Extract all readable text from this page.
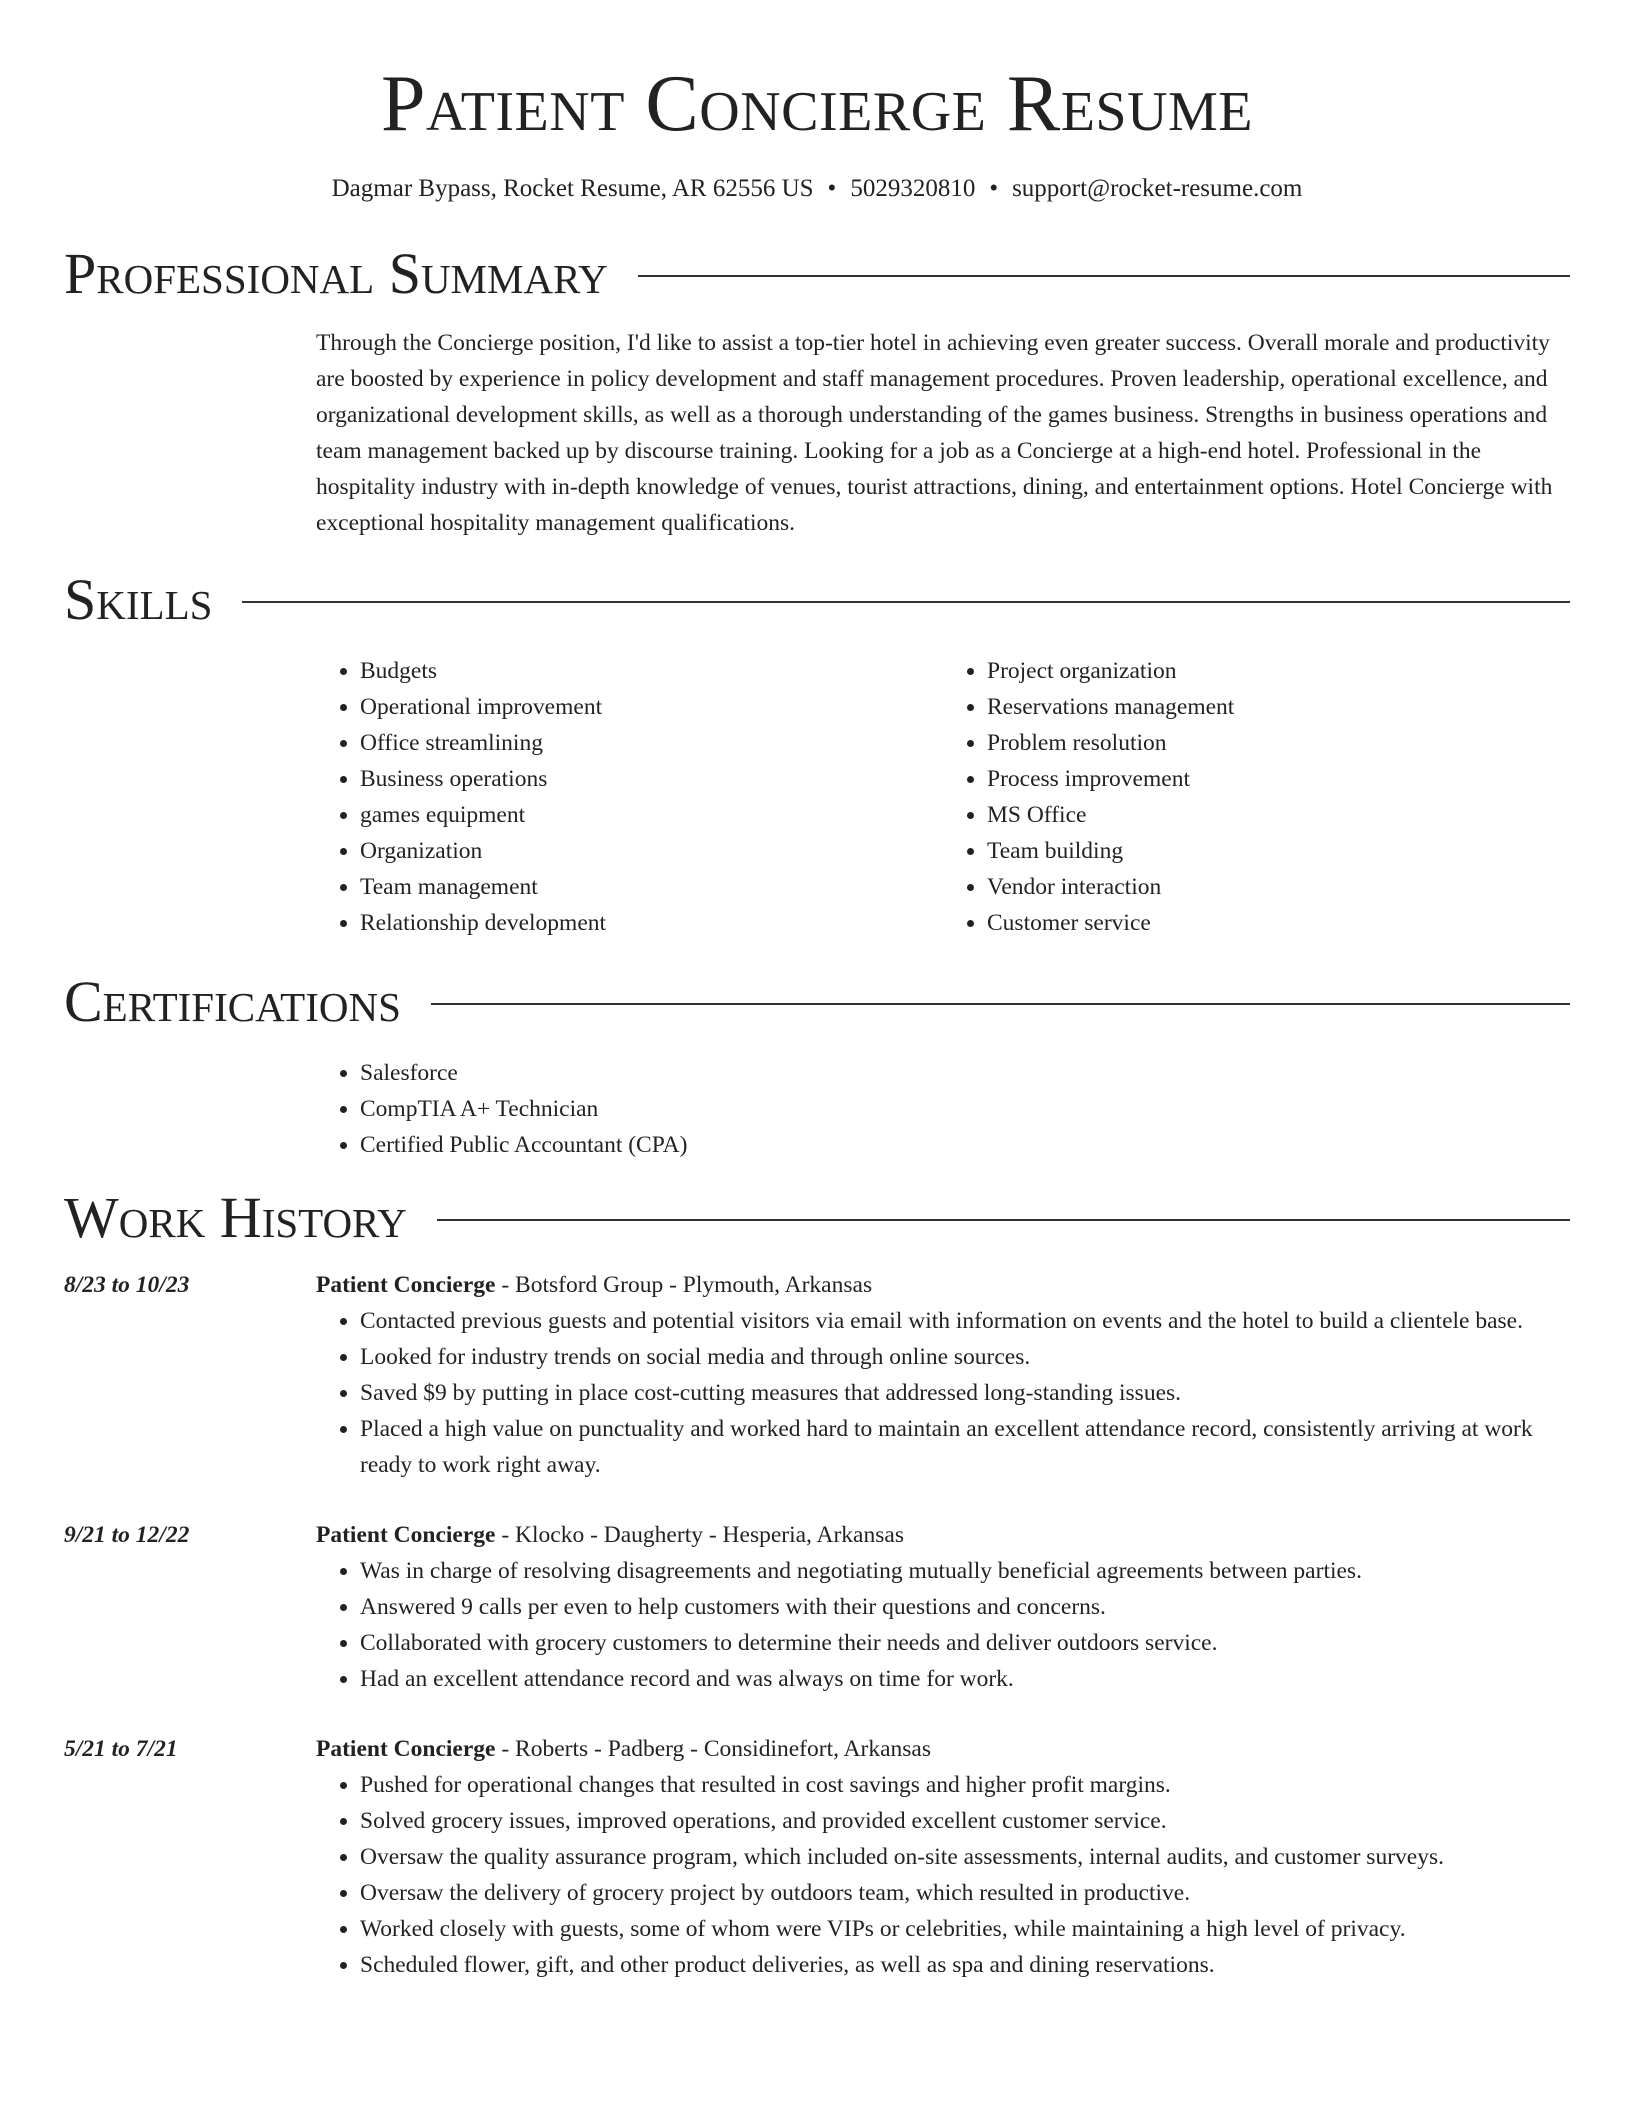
Patient Concierge Resume
Dagmar Bypass, Rocket Resume, AR 62556 US • 5029320810 • support@rocket-resume.com
Professional Summary
Through the Concierge position, I'd like to assist a top-tier hotel in achieving even greater success. Overall morale and productivity are boosted by experience in policy development and staff management procedures. Proven leadership, operational excellence, and organizational development skills, as well as a thorough understanding of the games business. Strengths in business operations and team management backed up by discourse training. Looking for a job as a Concierge at a high-end hotel. Professional in the hospitality industry with in-depth knowledge of venues, tourist attractions, dining, and entertainment options. Hotel Concierge with exceptional hospitality management qualifications.
Skills
• Budgets
• Operational improvement
• Office streamlining
• Business operations
• games equipment
• Organization
• Team management
• Relationship development
• Project organization
• Reservations management
• Problem resolution
• Process improvement
• MS Office
• Team building
• Vendor interaction
• Customer service
Certifications
• Salesforce
• CompTIA A+ Technician
• Certified Public Accountant (CPA)
Work History
8/23 to 10/23	Patient Concierge - Botsford Group - Plymouth, Arkansas
• Contacted previous guests and potential visitors via email with information on events and the hotel to build a clientele base.
• Looked for industry trends on social media and through online sources.
• Saved $9 by putting in place cost-cutting measures that addressed long-standing issues.
• Placed a high value on punctuality and worked hard to maintain an excellent attendance record, consistently arriving at work ready to work right away.
9/21 to 12/22	Patient Concierge - Klocko - Daugherty - Hesperia, Arkansas
• Was in charge of resolving disagreements and negotiating mutually beneficial agreements between parties.
• Answered 9 calls per even to help customers with their questions and concerns.
• Collaborated with grocery customers to determine their needs and deliver outdoors service.
• Had an excellent attendance record and was always on time for work.
5/21 to 7/21	Patient Concierge - Roberts - Padberg - Considinefort, Arkansas
• Pushed for operational changes that resulted in cost savings and higher profit margins.
• Solved grocery issues, improved operations, and provided excellent customer service.
• Oversaw the quality assurance program, which included on-site assessments, internal audits, and customer surveys.
• Oversaw the delivery of grocery project by outdoors team, which resulted in productive.
• Worked closely with guests, some of whom were VIPs or celebrities, while maintaining a high level of privacy.
• Scheduled flower, gift, and other product deliveries, as well as spa and dining reservations.
